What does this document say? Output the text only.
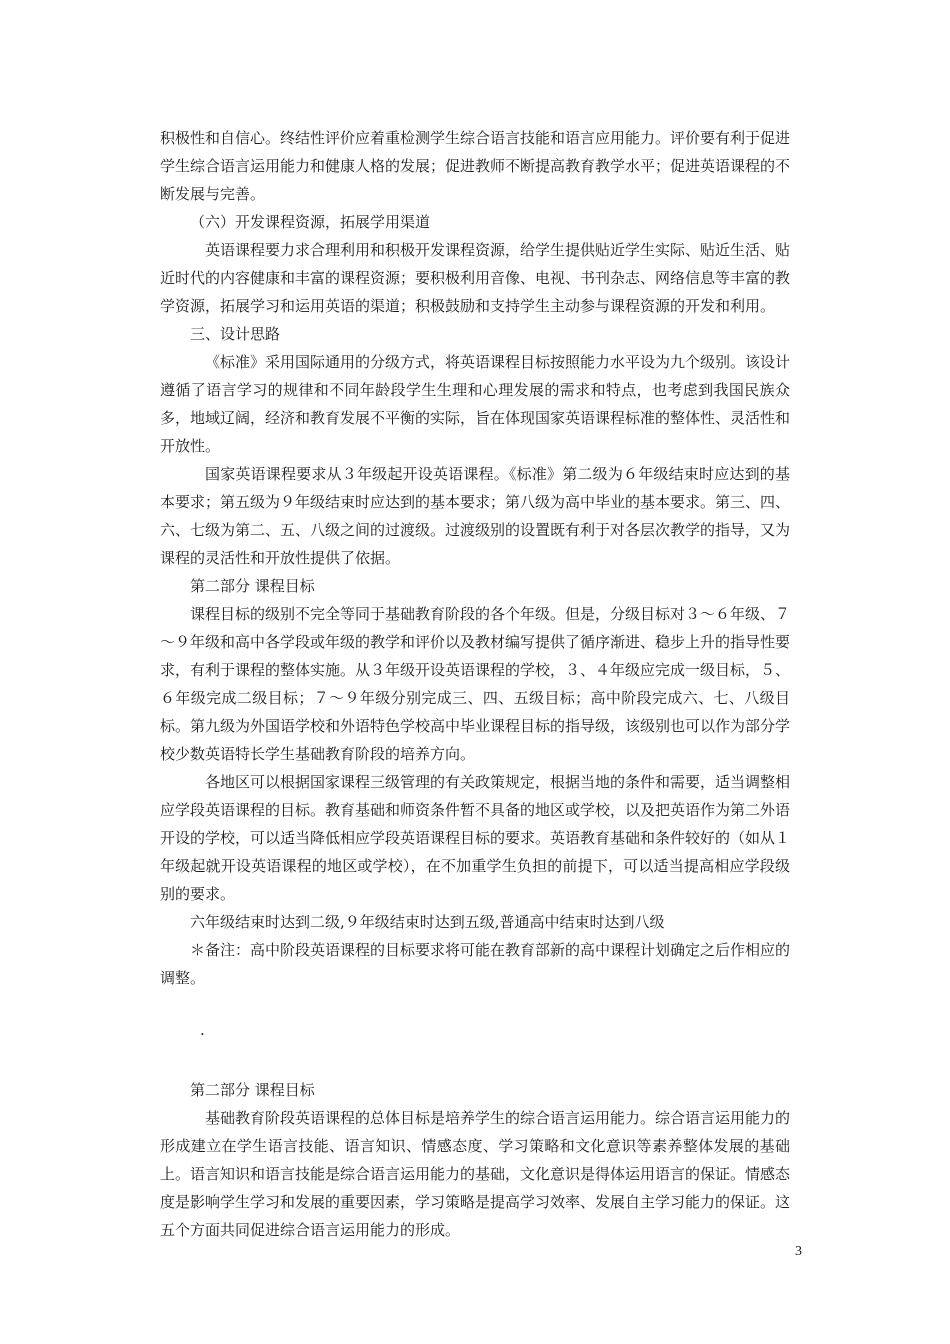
积极性和自信心。终结性评价应着重检测学生综合语言技能和语言应用能力。评价要有利于促进学生综合语言运用能力和健康人格的发展；促进教师不断提高教育教学水平；促进英语课程的不断发展与完善。

（六）开发课程资源，拓展学用渠道

英语课程要力求合理利用和积极开发课程资源，给学生提供贴近学生实际、贴近生活、贴近时代的内容健康和丰富的课程资源；要积极利用音像、电视、书刊杂志、网络信息等丰富的教学资源，拓展学习和运用英语的渠道；积极鼓励和支持学生主动参与课程资源的开发和利用。

三、设计思路

《标准》采用国际通用的分级方式，将英语课程目标按照能力水平设为九个级别。该设计遵循了语言学习的规律和不同年龄段学生生理和心理发展的需求和特点，也考虑到我国民族众多，地域辽阔，经济和教育发展不平衡的实际，旨在体现国家英语课程标准的整体性、灵活性和开放性。

国家英语课程要求从３年级起开设英语课程。《标准》第二级为６年级结束时应达到的基本要求；第五级为９年级结束时应达到的基本要求；第八级为高中毕业的基本要求。第三、四、六、七级为第二、五、八级之间的过渡级。过渡级别的设置既有利于对各层次教学的指导，又为课程的灵活性和开放性提供了依据。

第二部分 课程目标

课程目标的级别不完全等同于基础教育阶段的各个年级。但是，分级目标对３～６年级、７～９年级和高中各学段或年级的教学和评价以及教材编写提供了循序渐进、稳步上升的指导性要求，有利于课程的整体实施。从３年级开设英语课程的学校，３、４年级应完成一级目标，５、６年级完成二级目标；７～９年级分别完成三、四、五级目标；高中阶段完成六、七、八级目标。第九级为外国语学校和外语特色学校高中毕业课程目标的指导级，该级别也可以作为部分学校少数英语特长学生基础教育阶段的培养方向。

各地区可以根据国家课程三级管理的有关政策规定，根据当地的条件和需要，适当调整相应学段英语课程的目标。教育基础和师资条件暂不具备的地区或学校，以及把英语作为第二外语开设的学校，可以适当降低相应学段英语课程目标的要求。英语教育基础和条件较好的（如从１年级起就开设英语课程的地区或学校），在不加重学生负担的前提下，可以适当提高相应学段级别的要求。

六年级结束时达到二级,９年级结束时达到五级,普通高中结束时达到八级

＊备注：高中阶段英语课程的目标要求将可能在教育部新的高中课程计划确定之后作相应的调整。

·

第二部分 课程目标

基础教育阶段英语课程的总体目标是培养学生的综合语言运用能力。综合语言运用能力的形成建立在学生语言技能、语言知识、情感态度、学习策略和文化意识等素养整体发展的基础上。语言知识和语言技能是综合语言运用能力的基础，文化意识是得体运用语言的保证。情感态度是影响学生学习和发展的重要因素，学习策略是提高学习效率、发展自主学习能力的保证。这五个方面共同促进综合语言运用能力的形成。

3
